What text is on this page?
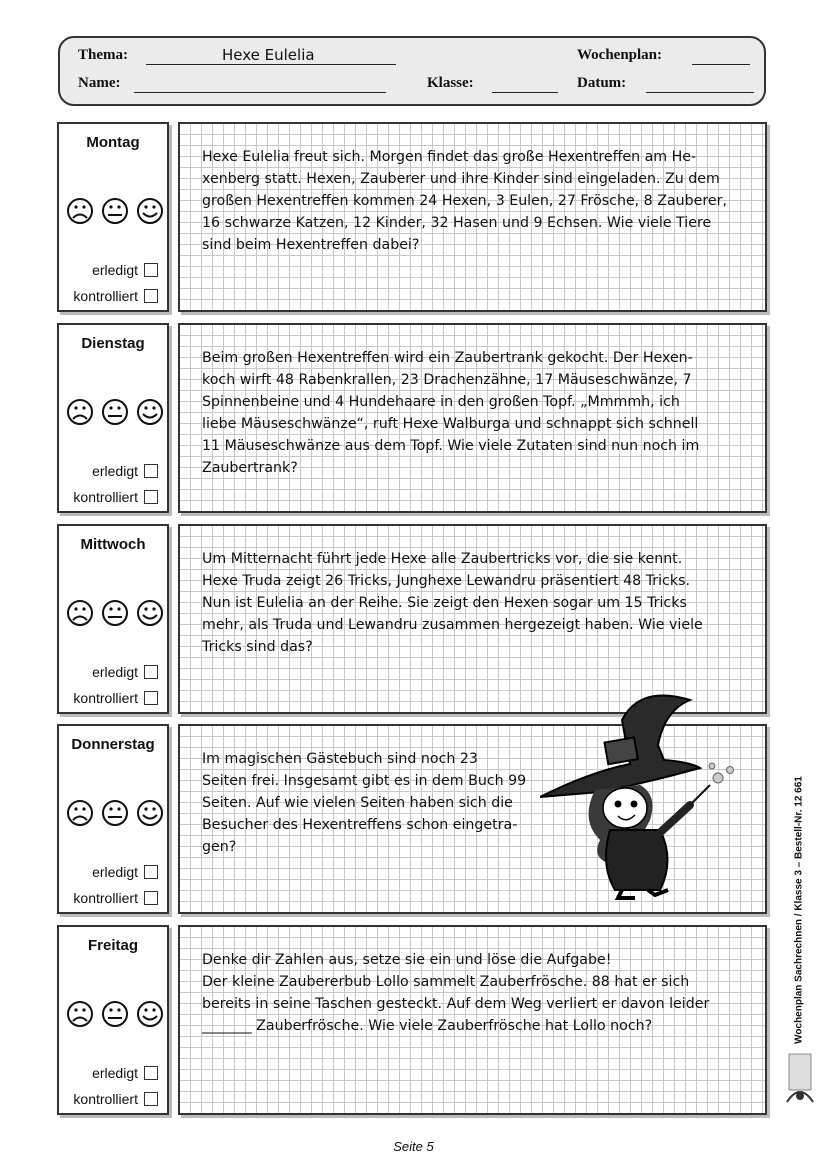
Thema:	Hexe Eulelia	Wochenplan:
Name:	Klasse:	Datum:
Montag
erledigt
kontrolliert
Hexe Eulelia freut sich. Morgen findet das große Hexentreffen am He-
xenberg statt. Hexen, Zauberer und ihre Kinder sind eingeladen. Zu dem
großen Hexentreffen kommen 24 Hexen, 3 Eulen, 27 Frösche, 8 Zauberer,
16 schwarze Katzen, 12 Kinder, 32 Hasen und 9 Echsen. Wie viele Tiere
sind beim Hexentreffen dabei?
Dienstag
erledigt
kontrolliert
Beim großen Hexentreffen wird ein Zaubertrank gekocht. Der Hexen-
koch wirft 48 Rabenkrallen, 23 Drachenzähne, 17 Mäuseschwänze, 7
Spinnenbeine und 4 Hundehaare in den großen Topf. „Mmmmh, ich
liebe Mäuseschwänze“, ruft Hexe Walburga und schnappt sich schnell
11 Mäuseschwänze aus dem Topf. Wie viele Zutaten sind nun noch im
Zaubertrank?
Mittwoch
erledigt
kontrolliert
Um Mitternacht führt jede Hexe alle Zaubertricks vor, die sie kennt.
Hexe Truda zeigt 26 Tricks, Junghexe Lewandru präsentiert 48 Tricks.
Nun ist Eulelia an der Reihe. Sie zeigt den Hexen sogar um 15 Tricks
mehr, als Truda und Lewandru zusammen hergezeigt haben. Wie viele
Tricks sind das?
Donnerstag
erledigt
kontrolliert
Im magischen Gästebuch sind noch 23
Seiten frei. Insgesamt gibt es in dem Buch 99
Seiten. Auf wie vielen Seiten haben sich die
Besucher des Hexentreffens schon eingetra-
gen?
Freitag
erledigt
kontrolliert
Denke dir Zahlen aus, setze sie ein und löse die Aufgabe!
Der kleine Zaubererbub Lollo sammelt Zauberfrösche. 88 hat er sich
bereits in seine Taschen gesteckt. Auf dem Weg verliert er davon leider
_______ Zauberfrösche. Wie viele Zauberfrösche hat Lollo noch?	Wochenplan Sachrechnen / Klasse 3 – Bestell-Nr. 12 661
Seite 5
